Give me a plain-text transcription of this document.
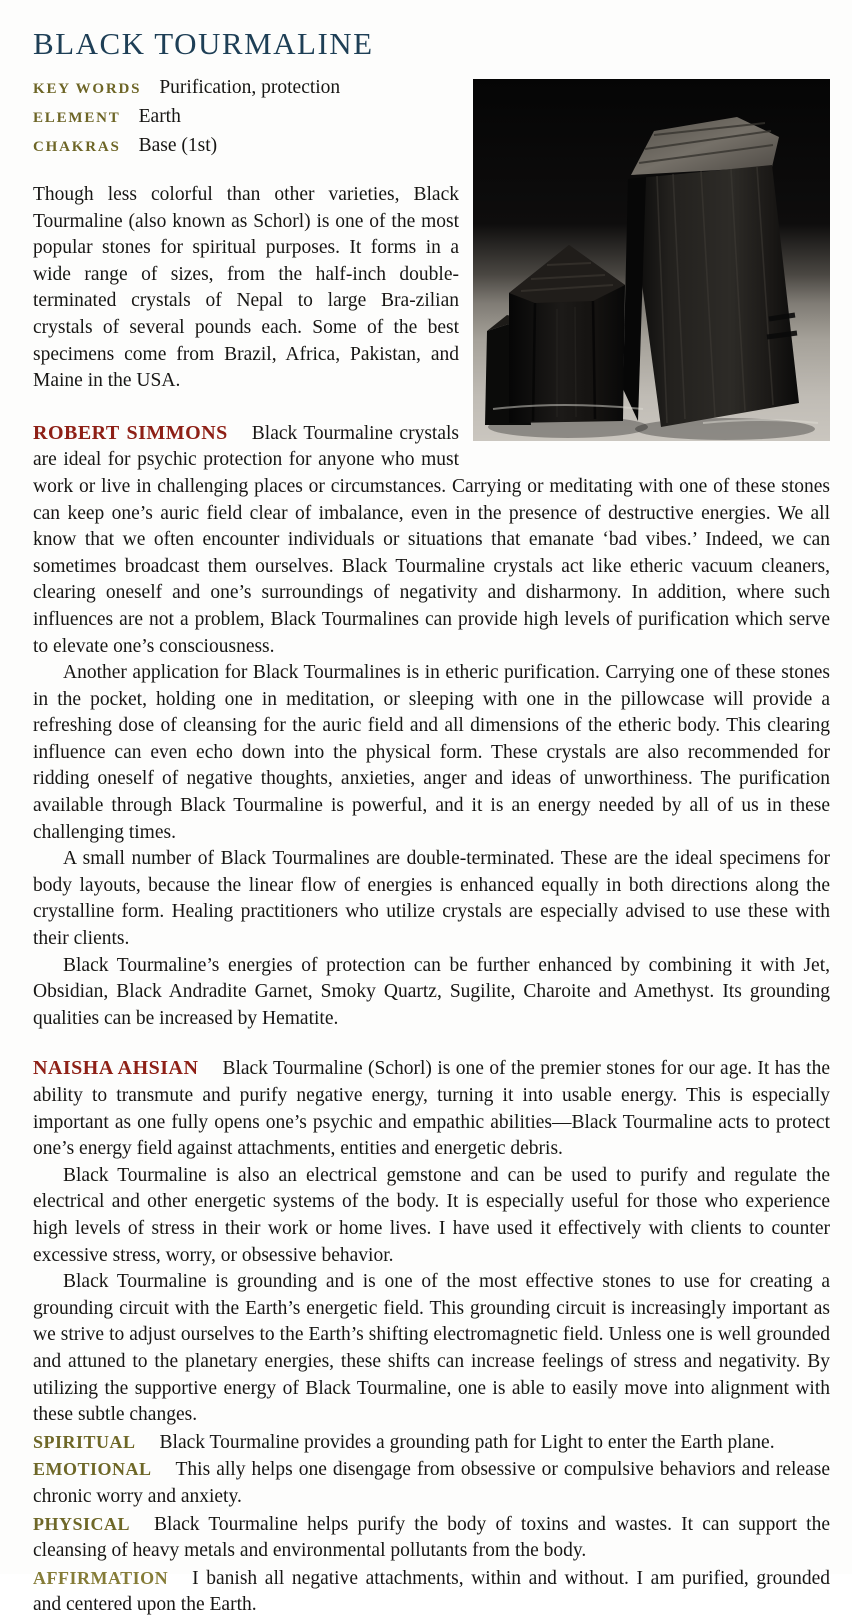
BLACK TOURMALINE
KEY WORDS Purification, protection
ELEMENT Earth
CHAKRAS Base (1st)

Though less colorful than other varieties, Black Tourmaline (also known as Schorl) is one of the most popular stones for spiritual purposes. It forms in a wide range of sizes, from the half-inch double-terminated crystals of Nepal to large Bra-zilian crystals of several pounds each. Some of the best specimens come from Brazil, Africa, Pakistan, and Maine in the USA.

ROBERT SIMMONS Black Tourmaline crystals are ideal for psychic protection for anyone who must work or live in challenging places or circumstances. Carrying or meditating with one of these stones can keep one’s auric field clear of imbalance, even in the presence of destructive energies. We all know that we often encounter individuals or situations that emanate ‘bad vibes.’ Indeed, we can sometimes broadcast them ourselves. Black Tourmaline crystals act like etheric vacuum cleaners, clearing oneself and one’s surroundings of negativity and disharmony. In addition, where such influences are not a problem, Black Tourmalines can provide high levels of purification which serve to elevate one’s consciousness.

Another application for Black Tourmalines is in etheric purification. Carrying one of these stones in the pocket, holding one in meditation, or sleeping with one in the pillowcase will provide a refreshing dose of cleansing for the auric field and all dimensions of the etheric body. This clearing influence can even echo down into the physical form. These crystals are also recommended for ridding oneself of negative thoughts, anxieties, anger and ideas of unworthiness. The purification available through Black Tourmaline is powerful, and it is an energy needed by all of us in these challenging times.

A small number of Black Tourmalines are double-terminated. These are the ideal specimens for body layouts, because the linear flow of energies is enhanced equally in both directions along the crystalline form. Healing practitioners who utilize crystals are especially advised to use these with their clients.

Black Tourmaline’s energies of protection can be further enhanced by combining it with Jet, Obsidian, Black Andradite Garnet, Smoky Quartz, Sugilite, Charoite and Amethyst. Its grounding qualities can be increased by Hematite.

NAISHA AHSIAN Black Tourmaline (Schorl) is one of the premier stones for our age. It has the ability to transmute and purify negative energy, turning it into usable energy. This is especially important as one fully opens one’s psychic and empathic abilities—Black Tourmaline acts to protect one’s energy field against attachments, entities and energetic debris.

Black Tourmaline is also an electrical gemstone and can be used to purify and regulate the electrical and other energetic systems of the body. It is especially useful for those who experience high levels of stress in their work or home lives. I have used it effectively with clients to counter excessive stress, worry, or obsessive behavior.

Black Tourmaline is grounding and is one of the most effective stones to use for creating a grounding circuit with the Earth’s energetic field. This grounding circuit is increasingly important as we strive to adjust ourselves to the Earth’s shifting electromagnetic field. Unless one is well grounded and attuned to the planetary energies, these shifts can increase feelings of stress and negativity. By utilizing the supportive energy of Black Tourmaline, one is able to easily move into alignment with these subtle changes.

SPIRITUAL Black Tourmaline provides a grounding path for Light to enter the Earth plane.

EMOTIONAL This ally helps one disengage from obsessive or compulsive behaviors and release chronic worry and anxiety.

PHYSICAL Black Tourmaline helps purify the body of toxins and wastes. It can support the cleansing of heavy metals and environmental pollutants from the body.

AFFIRMATION I banish all negative attachments, within and without. I am purified, grounded and centered upon the Earth.
